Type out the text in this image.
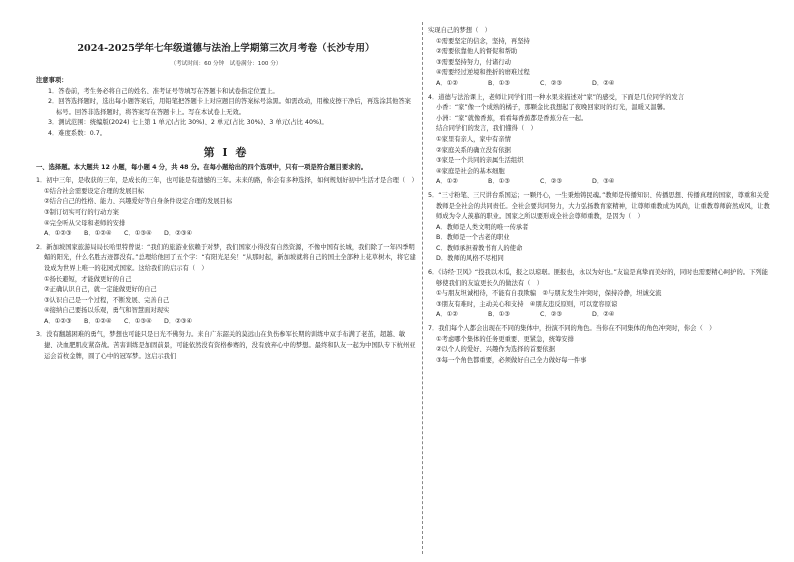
2024-2025学年七年级道德与法治上学期第三次月考卷（长沙专用）
（考试时间：60 分钟　试卷满分：100 分）
注意事项：
1．答卷前，考生务必将自己的姓名、准考证号等填写在答题卡和试卷指定位置上。
2．回答选择题时，选出每小题答案后，用铅笔把答题卡上对应题目的答案标号涂黑。如需改动，用橡皮擦干净后，再选涂其他答案标号。回答非选择题时，将答案写在答题卡上。写在本试卷上无效。
3．测试范围：统编版(2024) 七上第 1 单元(占比 30%)、2 单元(占比 30%)、3 单元(占比 40%)。
4．难度系数：0.7。
第 I 卷
一、选择题。本大题共 12 小题，每小题 4 分，共 48 分。在每小题给出的四个选项中，只有一项是符合题目要求的。
1．初中三年，是收获的三年，是成长的三年，也可能是有遗憾的三年。未来的路，你会有多种选择，如何规划好初中生活才是合理（　）
①结合社会需要设定合理的发展目标
②结合自己的性格、能力、兴趣爱好等自身条件设定合理的发展目标
③制订切实可行的行动方案
④完全听从父母和老师的安排
A．①②③	B．①②④	C．①③④	D．②③④
2．新加坡国家旅游局局长哈里特曾说：“我们的旅游业依赖于对梦，我们国家小得没有自然资源，不像中国有长城，我们除了一年四季明媚的阳光，什么名胜古迹都没有。”总理给他回了五个字：“有阳光足矣！”从那时起，新加坡就将自己的国土全部种上花草树木，将它建设成为世界上唯一的花园式国家。这给我们的启示有（　）
①扬长避短，才能做更好的自己
②正确认识自己，就一定能做更好的自己
③认识自己是一个过程，不断发展、完善自己
④接纳自己要扬以乐观，勇气和智慧面对现实
A．①②③	B．①②④	C．①③④	D．②③④
3．没有翻越困难的勇气，梦想也可能只是日光不佛努力。来自广东韶关的莫远山在负伤参军长期的训练中双手布满了老茧，超越、敏捷、决血肥肌皮紧奋战。苦害训练是加固前景，可能依然没有资格参赛的，没有放弃心中的梦想。最终和队友一起为中国队专下杭州亚运会首枚金牌，圆了心中的冠军梦。这启示我们
实现自己的梦想（　）
①需要坚定的信念，坚持，再坚持
②需要依靠他人的督促和帮助
③需要坚持努力，付诸行动
④需要经过逆境和挫折的磨难过程
A．①②	B．①③	C．②③	D．②④
4．道德与法治课上，老师让同学们用一种水果来描述对“家”的感受，下面是几位同学的发言
小香：“家”像一个成熟的橘子，那颗金比我想起了夜晚回家时的灯光，温暖又温馨。
小洲：“家”就像香蕉，看看每香蕉都是香蕉分在一起。
结合同学们的发言，我们懂得（　）
①家里有亲人，家中有亲情
②家庭关系的确立没有依据
③家是一个共同的亲属生活组织
④家庭是社会的基本细胞
A．①②	B．①③	C．②③	D．③④
5．“三寸粉笔、三尺讲台系国运；一颗丹心，一生秉烛铸民魂。”教师是传播知识、传播思想、传播真理的国家，尊重和关爱教师是全社会的共同责任。全社会要共同努力，大力弘扬教育家精神，让尊师重教成为风尚，让重教尊师蔚然成风，让教师成为令人羡慕的职业。国家之所以要形成全社会尊师重教，是因为（　）
A．教师是人类文明的唯一传承者
B．教师是一个古老的职业
C．教师承担着教书育人的使命
D．教师的风格不尽相同
6．《诗经·卫风》“投我以木瓜，报之以琼琚。匪报也，永以为好也。”友谊是真挚而美好的，同时也需要精心呵护的。下列能够使我们的友谊更长久的做法有（　）
①与朋友坦诚相待，不能有自我欺骗　②与朋友发生冲突时，保持冷静，坦诚交流
③朋友有难时，主动关心和支持　④朋友违反原则，可以宽容原谅
A．①②	B．①③	C．②③	D．②④
7．我们每个人都会出现在不同的集体中，扮演不同的角色。当你在不同集体的角色冲突时，你会（　）
①考虑哪个集体的任务更重要、更紧急，统筹安排
②以个人的爱好、兴趣作为选择的首要依据
③每一个角色都重要，必须做好自己全力做好每一件事
